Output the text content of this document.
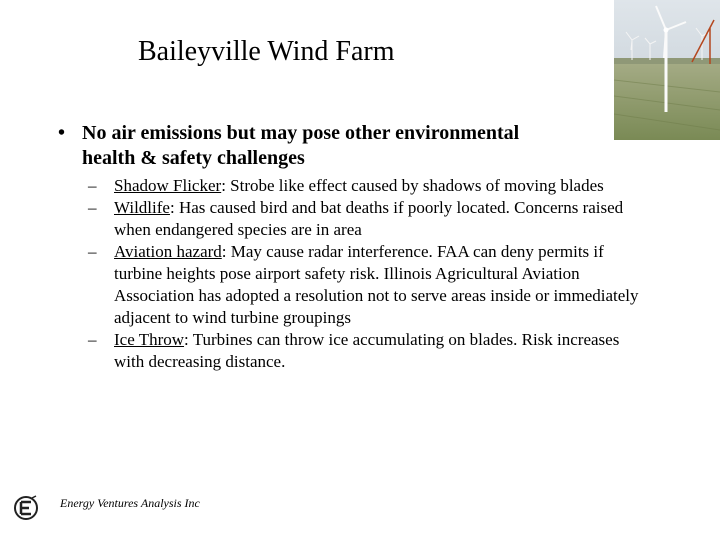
Baileyville Wind Farm
• No air emissions but may pose other environmental
health & safety challenges
– Shadow Flicker: Strobe like effect caused by shadows of moving blades
– Wildlife: Has caused bird and bat deaths if poorly located. Concerns raised when endangered species are in area
– Aviation hazard: May cause radar interference. FAA can deny permits if turbine heights pose airport safety risk. Illinois Agricultural Aviation Association has adopted a resolution not to serve areas inside or immediately adjacent to wind turbine groupings
– Ice Throw: Turbines can throw ice accumulating on blades. Risk increases with decreasing distance.
Energy Ventures Analysis Inc
